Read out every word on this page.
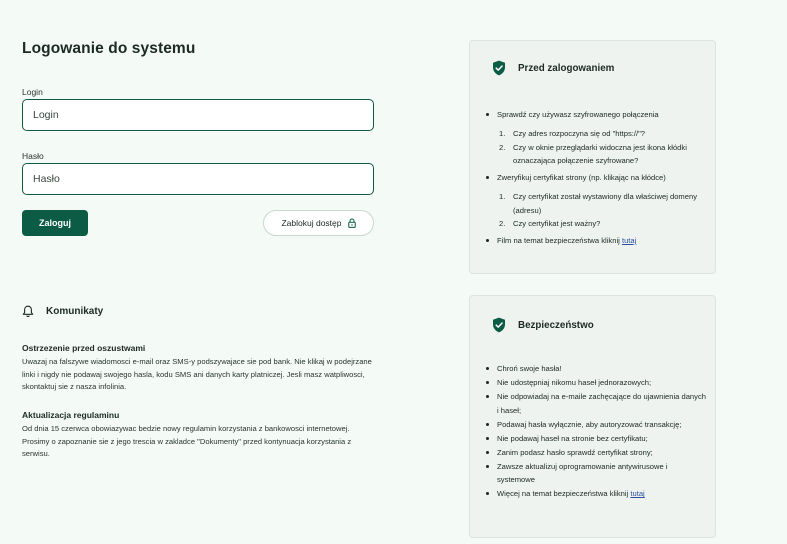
Logowanie do systemu
Login
Login
Hasło
Zaloguj	Zablokuj dostęp
Komunikaty
Ostrzezenie przed oszustwami
Uwazaj na falszywe wiadomosci e-mail oraz SMS-y podszywajace sie pod bank. Nie klikaj w podejrzane linki i nigdy nie podawaj swojego hasla, kodu SMS ani danych karty platniczej. Jesli masz watpliwosci, skontaktuj sie z nasza infolinia.
Aktualizacja regulaminu
Od dnia 15 czerwca obowiazywac bedzie nowy regulamin korzystania z bankowosci internetowej. Prosimy o zapoznanie sie z jego trescia w zakladce "Dokumenty" przed kontynuacja korzystania z serwisu.
Przed zalogowaniem
Sprawdź czy używasz szyfrowanego połączenia
1.	Czy adres rozpoczyna się od "https://"?
2.	Czy w oknie przeglądarki widoczna jest ikona kłódki oznaczająca połączenie szyfrowane?
Zweryfikuj certyfikat strony (np. klikając na kłódce)
1.	Czy certyfikat został wystawiony dla właściwej domeny (adresu)
2.	Czy certyfikat jest ważny?
Film na temat bezpieczeństwa kliknij tutaj
Bezpieczeństwo
Chroń swoje hasła!
Nie udostępniaj nikomu haseł jednorazowych;
Nie odpowiadaj na e-maile zachęcające do ujawnienia danych i haseł;
Podawaj hasła wyłącznie, aby autoryzować transakcję;
Nie podawaj haseł na stronie bez certyfikatu;
Zanim podasz hasło sprawdź certyfikat strony;
Zawsze aktualizuj oprogramowanie antywirusowe i systemowe
Więcej na temat bezpieczeństwa kliknij tutaj
